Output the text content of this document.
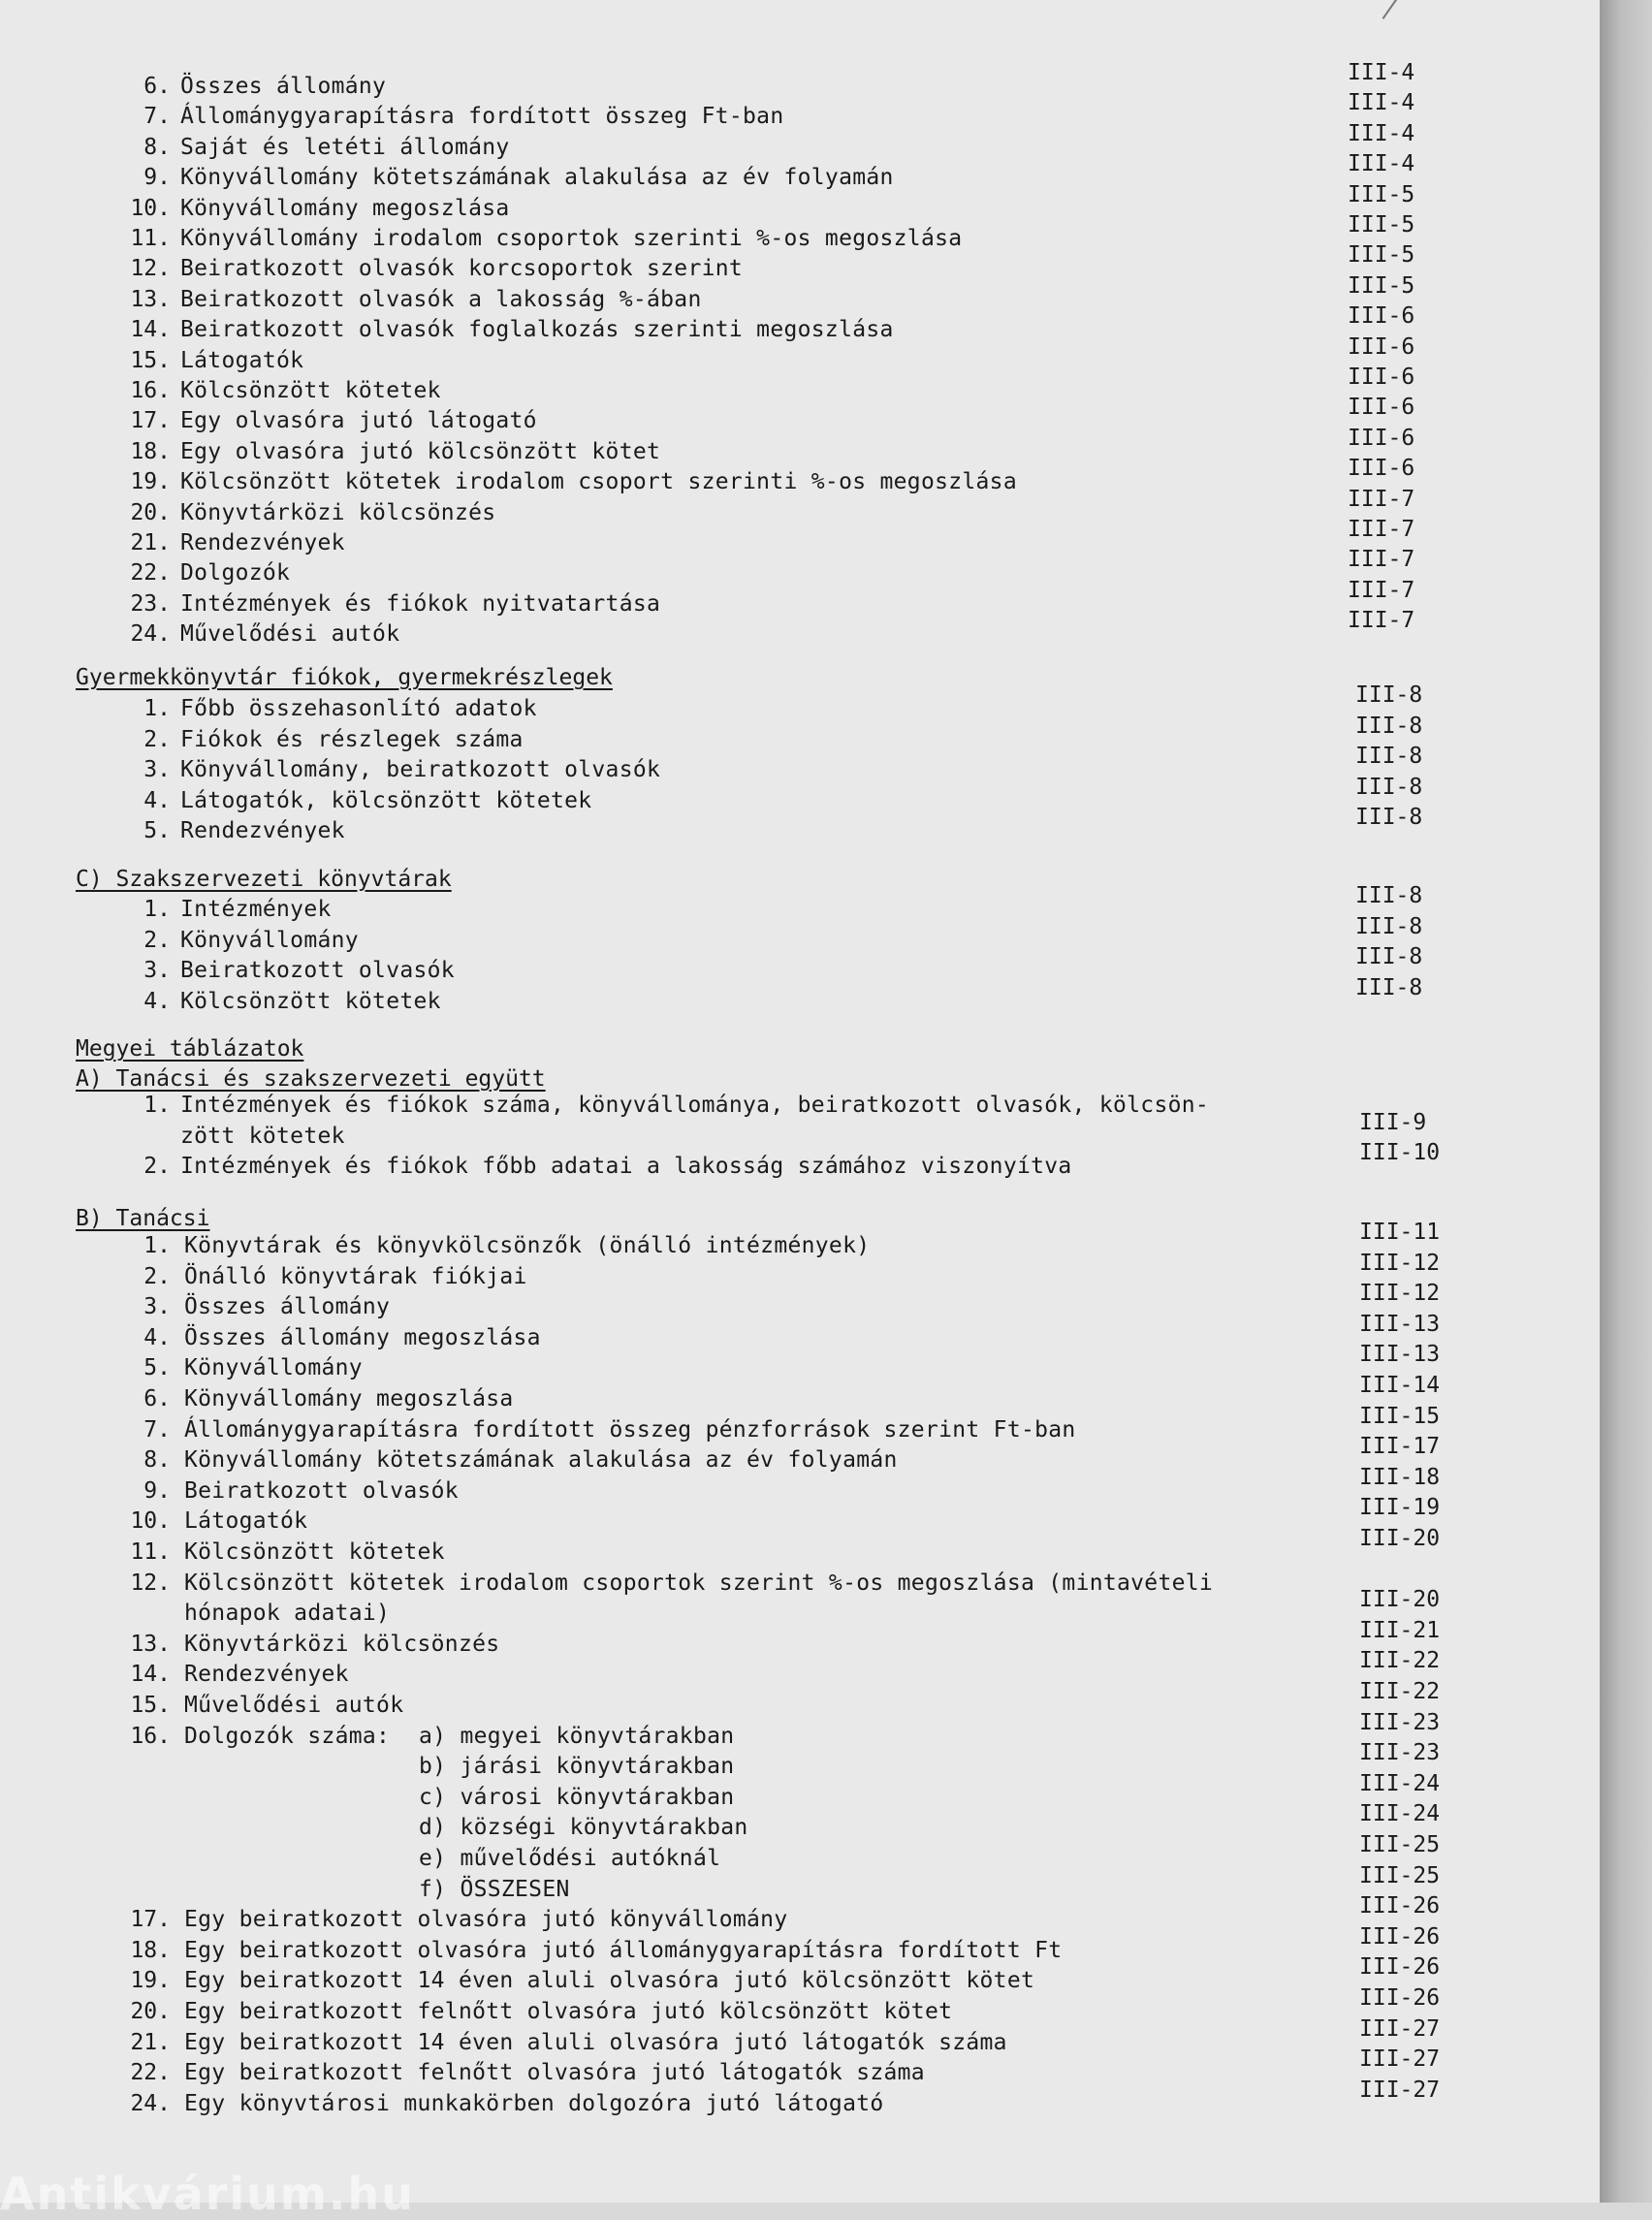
6. Összes állomány
III-4
7. Állománygyarapításra fordított összeg Ft-ban
III-4
8. Saját és letéti állomány
III-4
9. Könyvállomány kötetszámának alakulása az év folyamán
III-4
10. Könyvállomány megoszlása
III-5
11. Könyvállomány irodalom csoportok szerinti %-os megoszlása
III-5
12. Beiratkozott olvasók korcsoportok szerint
III-5
13. Beiratkozott olvasók a lakosság %-ában
III-5
14. Beiratkozott olvasók foglalkozás szerinti megoszlása
III-6
15. Látogatók
III-6
16. Kölcsönzött kötetek
III-6
17. Egy olvasóra jutó látogató
III-6
18. Egy olvasóra jutó kölcsönzött kötet
III-6
19. Kölcsönzött kötetek irodalom csoport szerinti %-os megoszlása
III-6
20. Könyvtárközi kölcsönzés
III-7
21. Rendezvények
III-7
22. Dolgozók
III-7
23. Intézmények és fiókok nyitvatartása
III-7
24. Művelődési autók
III-7
Gyermekkönyvtár fiókok, gyermekrészlegek
1. Főbb összehasonlító adatok
III-8
2. Fiókok és részlegek száma
III-8
3. Könyvállomány, beiratkozott olvasók
III-8
4. Látogatók, kölcsönzött kötetek
III-8
5. Rendezvények
III-8
C) Szakszervezeti könyvtárak
1. Intézmények
III-8
2. Könyvállomány
III-8
3. Beiratkozott olvasók
III-8
4. Kölcsönzött kötetek
III-8
Megyei táblázatok
A) Tanácsi és szakszervezeti együtt
1. Intézmények és fiókok száma, könyvállománya, beiratkozott olvasók, kölcsön-
zött kötetek
III-9
2. Intézmények és fiókok főbb adatai a lakosság számához viszonyítva
III-10
B) Tanácsi
1. Könyvtárak és könyvkölcsönzők (önálló intézmények)
III-11
2. Önálló könyvtárak fiókjai
III-12
3. Összes állomány
III-12
4. Összes állomány megoszlása
III-13
5. Könyvállomány
III-13
6. Könyvállomány megoszlása
III-14
7. Állománygyarapításra fordított összeg pénzforrások szerint Ft-ban
III-15
8. Könyvállomány kötetszámának alakulása az év folyamán
III-17
9. Beiratkozott olvasók
III-18
10. Látogatók
III-19
11. Kölcsönzött kötetek
III-20
12. Kölcsönzött kötetek irodalom csoportok szerint %-os megoszlása (mintavételi
hónapok adatai)
III-20
13. Könyvtárközi kölcsönzés
III-21
14. Rendezvények
III-22
15. Művelődési autók
III-22
16. Dolgozók száma: a) megyei könyvtárakban
III-23
b) járási könyvtárakban
III-23
c) városi könyvtárakban
III-24
d) községi könyvtárakban
III-24
e) művelődési autóknál
III-25
f) ÖSSZESEN
III-25
17. Egy beiratkozott olvasóra jutó könyvállomány
III-26
18. Egy beiratkozott olvasóra jutó állománygyarapításra fordított Ft
III-26
19. Egy beiratkozott 14 éven aluli olvasóra jutó kölcsönzött kötet
III-26
20. Egy beiratkozott felnőtt olvasóra jutó kölcsönzött kötet
III-26
21. Egy beiratkozott 14 éven aluli olvasóra jutó látogatók száma
III-27
22. Egy beiratkozott felnőtt olvasóra jutó látogatók száma
III-27
24. Egy könyvtárosi munkakörben dolgozóra jutó látogató
III-27
Antikvárium.hu
